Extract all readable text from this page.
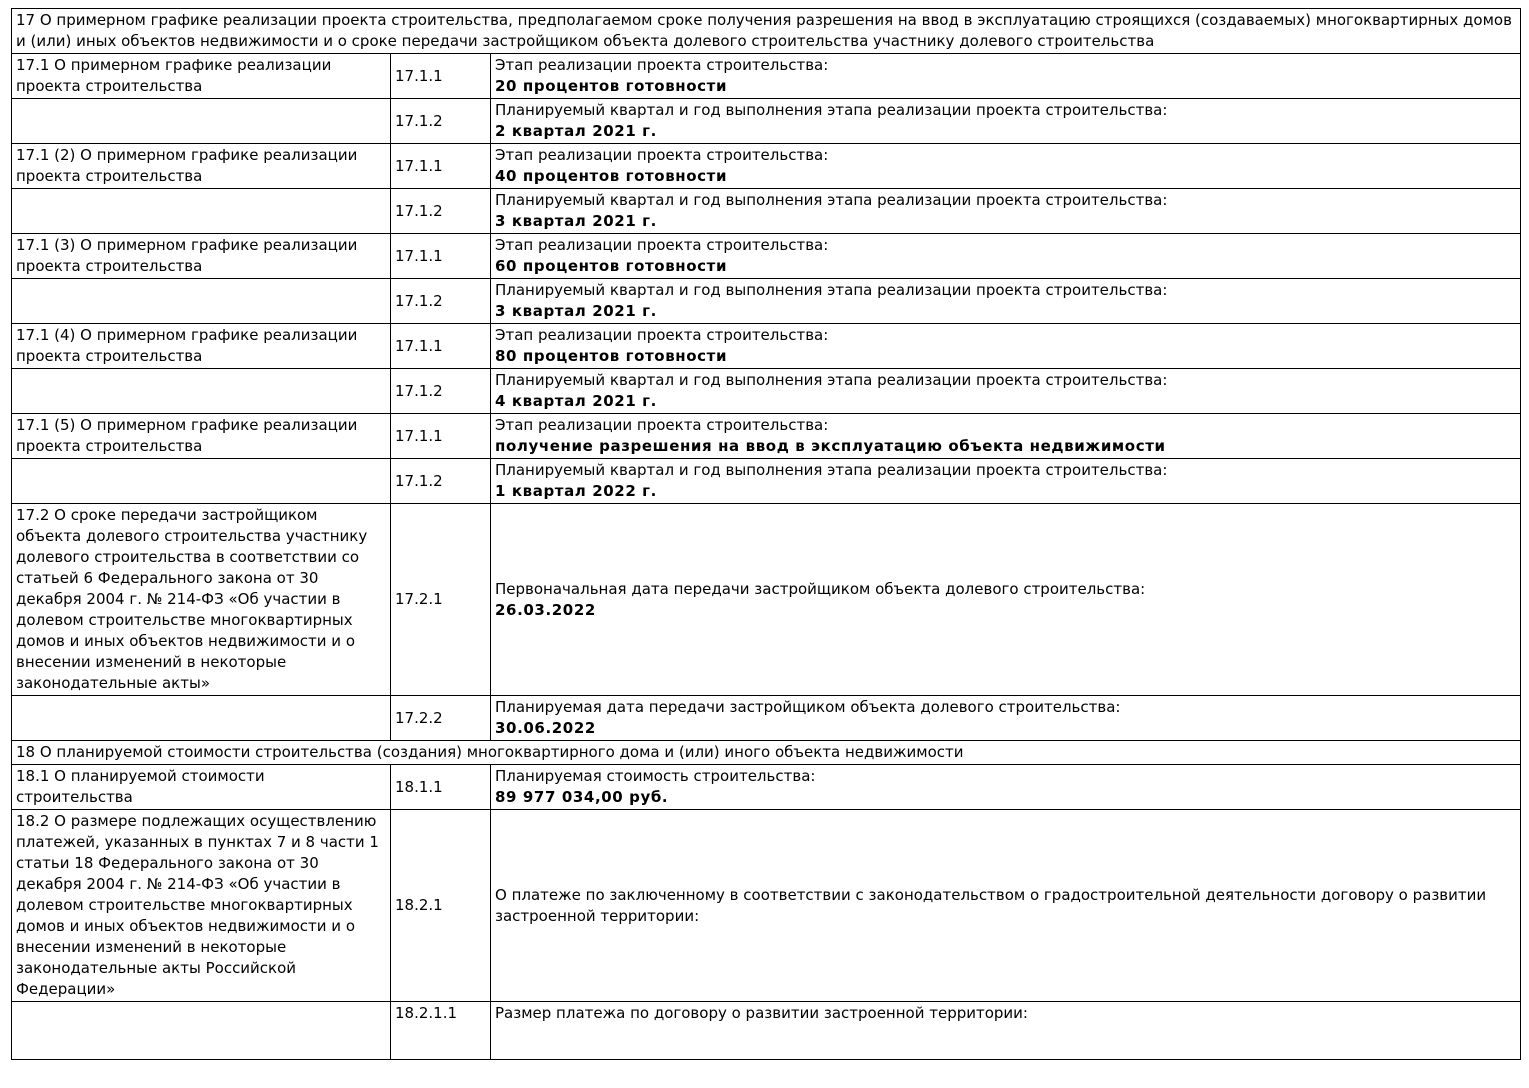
17 О примерном графике реализации проекта строительства, предполагаемом сроке получения разрешения на ввод в эксплуатацию строящихся (создаваемых) многоквартирных домов и (или) иных объектов недвижимости и о сроке передачи застройщиком объекта долевого строительства участнику долевого строительства		
17.1 О примерном графике реализации проекта строительства	17.1.1	Этап реализации проекта строительства:
20 процентов готовности

	17.1.2	Планируемый квартал и год выполнения этапа реализации проекта строительства:
2 квартал 2021 г.

17.1 (2) О примерном графике реализации проекта строительства	17.1.1	Этап реализации проекта строительства:
40 процентов готовности

	17.1.2	Планируемый квартал и год выполнения этапа реализации проекта строительства:
3 квартал 2021 г.

17.1 (3) О примерном графике реализации проекта строительства	17.1.1	Этап реализации проекта строительства:
60 процентов готовности

	17.1.2	Планируемый квартал и год выполнения этапа реализации проекта строительства:
3 квартал 2021 г.

17.1 (4) О примерном графике реализации проекта строительства	17.1.1	Этап реализации проекта строительства:
80 процентов готовности

	17.1.2	Планируемый квартал и год выполнения этапа реализации проекта строительства:
4 квартал 2021 г.

17.1 (5) О примерном графике реализации проекта строительства	17.1.1	Этап реализации проекта строительства:
получение разрешения на ввод в эксплуатацию объекта недвижимости

	17.1.2	Планируемый квартал и год выполнения этапа реализации проекта строительства:
1 квартал 2022 г.

17.2 О сроке передачи застройщиком объекта долевого строительства участнику долевого строительства в соответствии со статьей 6 Федерального закона от 30 декабря 2004 г. № 214-ФЗ «Об участии в долевом строительстве многоквартирных домов и иных объектов недвижимости и о внесении изменений в некоторые законодательные акты»	17.2.1	Первоначальная дата передачи застройщиком объекта долевого строительства:
26.03.2022

	17.2.2	Планируемая дата передачи застройщиком объекта долевого строительства:
30.06.2022

18 О планируемой стоимости строительства (создания) многоквартирного дома и (или) иного объекта недвижимости		
18.1 О планируемой стоимости строительства	18.1.1	Планируемая стоимость строительства:
89 977 034,00 руб.

18.2 О размере подлежащих осуществлению платежей, указанных в пунктах 7 и 8 части 1 статьи 18 Федерального закона от 30 декабря 2004 г. № 214-ФЗ «Об участии в долевом строительстве многоквартирных домов и иных объектов недвижимости и о внесении изменений в некоторые законодательные акты Российской Федерации»	18.2.1	О платеже по заключенному в соответствии с законодательством о градостроительной деятельности договору о развитии застроенной территории:

	18.2.1.1	Размер платежа по договору о развитии застроенной территории:
